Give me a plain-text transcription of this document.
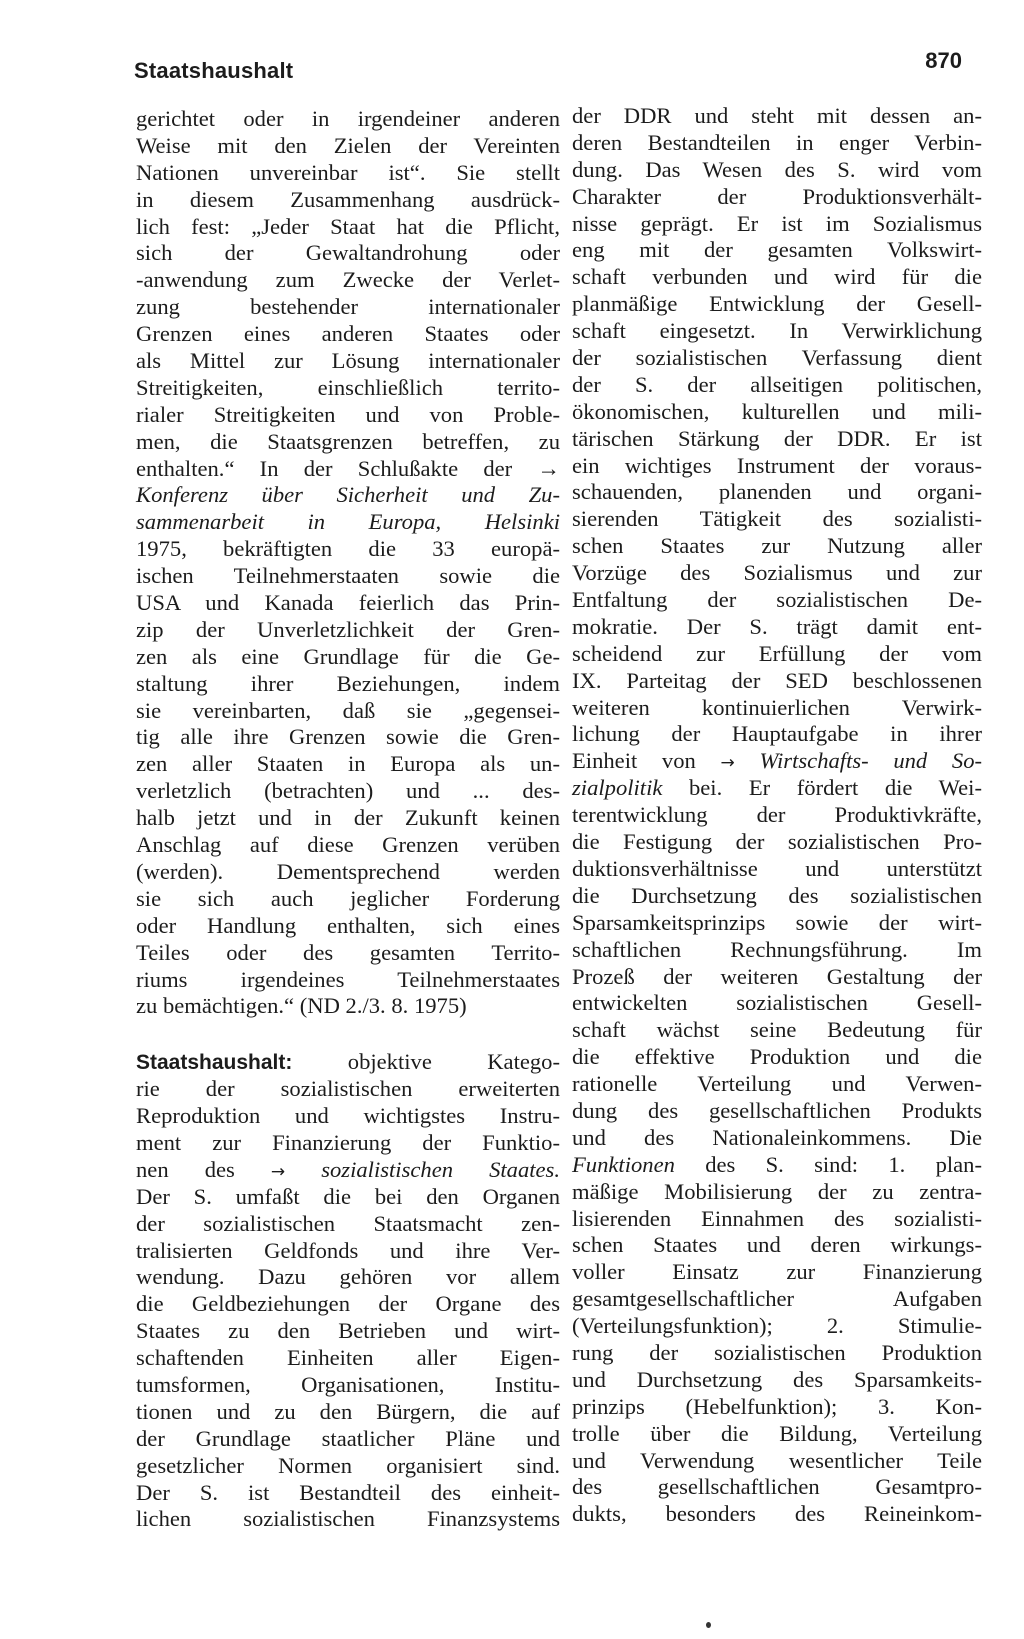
Staatshaushalt	870
gerichtet oder in irgendeiner anderen
Weise mit den Zielen der Vereinten
Nationen unvereinbar ist“. Sie stellt
in diesem Zusammenhang ausdrück-
lich fest: „Jeder Staat hat die Pflicht,
sich der Gewaltandrohung oder
-anwendung zum Zwecke der Verlet-
zung bestehender internationaler
Grenzen eines anderen Staates oder
als Mittel zur Lösung internationaler
Streitigkeiten, einschließlich territo-
rialer Streitigkeiten und von Proble-
men, die Staatsgrenzen betreffen, zu
enthalten.“ In der Schlußakte der →
Konferenz über Sicherheit und Zu-
sammenarbeit in Europa, Helsinki
1975, bekräftigten die 33 europä-
ischen Teilnehmerstaaten sowie die
USA und Kanada feierlich das Prin-
zip der Unverletzlichkeit der Gren-
zen als eine Grundlage für die Ge-
staltung ihrer Beziehungen, indem
sie vereinbarten, daß sie „gegensei-
tig alle ihre Grenzen sowie die Gren-
zen aller Staaten in Europa als un-
verletzlich (betrachten) und ... des-
halb jetzt und in der Zukunft keinen
Anschlag auf diese Grenzen verüben
(werden). Dementsprechend werden
sie sich auch jeglicher Forderung
oder Handlung enthalten, sich eines
Teiles oder des gesamten Territo-
riums irgendeines Teilnehmerstaates
zu bemächtigen.“ (ND 2./3. 8. 1975)
Staatshaushalt: objektive Katego-
rie der sozialistischen erweiterten
Reproduktion und wichtigstes Instru-
ment zur Finanzierung der Funktio-
nen des → sozialistischen Staates.
Der S. umfaßt die bei den Organen
der sozialistischen Staatsmacht zen-
tralisierten Geldfonds und ihre Ver-
wendung. Dazu gehören vor allem
die Geldbeziehungen der Organe des
Staates zu den Betrieben und wirt-
schaftenden Einheiten aller Eigen-
tumsformen, Organisationen, Institu-
tionen und zu den Bürgern, die auf
der Grundlage staatlicher Pläne und
gesetzlicher Normen organisiert sind.
Der S. ist Bestandteil des einheit-
lichen sozialistischen Finanzsystems
der DDR und steht mit dessen an-
deren Bestandteilen in enger Verbin-
dung. Das Wesen des S. wird vom
Charakter der Produktionsverhält-
nisse geprägt. Er ist im Sozialismus
eng mit der gesamten Volkswirt-
schaft verbunden und wird für die
planmäßige Entwicklung der Gesell-
schaft eingesetzt. In Verwirklichung
der sozialistischen Verfassung dient
der S. der allseitigen politischen,
ökonomischen, kulturellen und mili-
tärischen Stärkung der DDR. Er ist
ein wichtiges Instrument der voraus-
schauenden, planenden und organi-
sierenden Tätigkeit des sozialisti-
schen Staates zur Nutzung aller
Vorzüge des Sozialismus und zur
Entfaltung der sozialistischen De-
mokratie. Der S. trägt damit ent-
scheidend zur Erfüllung der vom
IX. Parteitag der SED beschlossenen
weiteren kontinuierlichen Verwirk-
lichung der Hauptaufgabe in ihrer
Einheit von → Wirtschafts- und So-
zialpolitik bei. Er fördert die Wei-
terentwicklung der Produktivkräfte,
die Festigung der sozialistischen Pro-
duktionsverhältnisse und unterstützt
die Durchsetzung des sozialistischen
Sparsamkeitsprinzips sowie der wirt-
schaftlichen Rechnungsführung. Im
Prozeß der weiteren Gestaltung der
entwickelten sozialistischen Gesell-
schaft wächst seine Bedeutung für
die effektive Produktion und die
rationelle Verteilung und Verwen-
dung des gesellschaftlichen Produkts
und des Nationaleinkommens. Die
Funktionen des S. sind: 1. plan-
mäßige Mobilisierung der zu zentra-
lisierenden Einnahmen des sozialisti-
schen Staates und deren wirkungs-
voller Einsatz zur Finanzierung
gesamtgesellschaftlicher Aufgaben
(Verteilungsfunktion); 2. Stimulie-
rung der sozialistischen Produktion
und Durchsetzung des Sparsamkeits-
prinzips (Hebelfunktion); 3. Kon-
trolle über die Bildung, Verteilung
und Verwendung wesentlicher Teile
des gesellschaftlichen Gesamtpro-
dukts, besonders des Reineinkom-
